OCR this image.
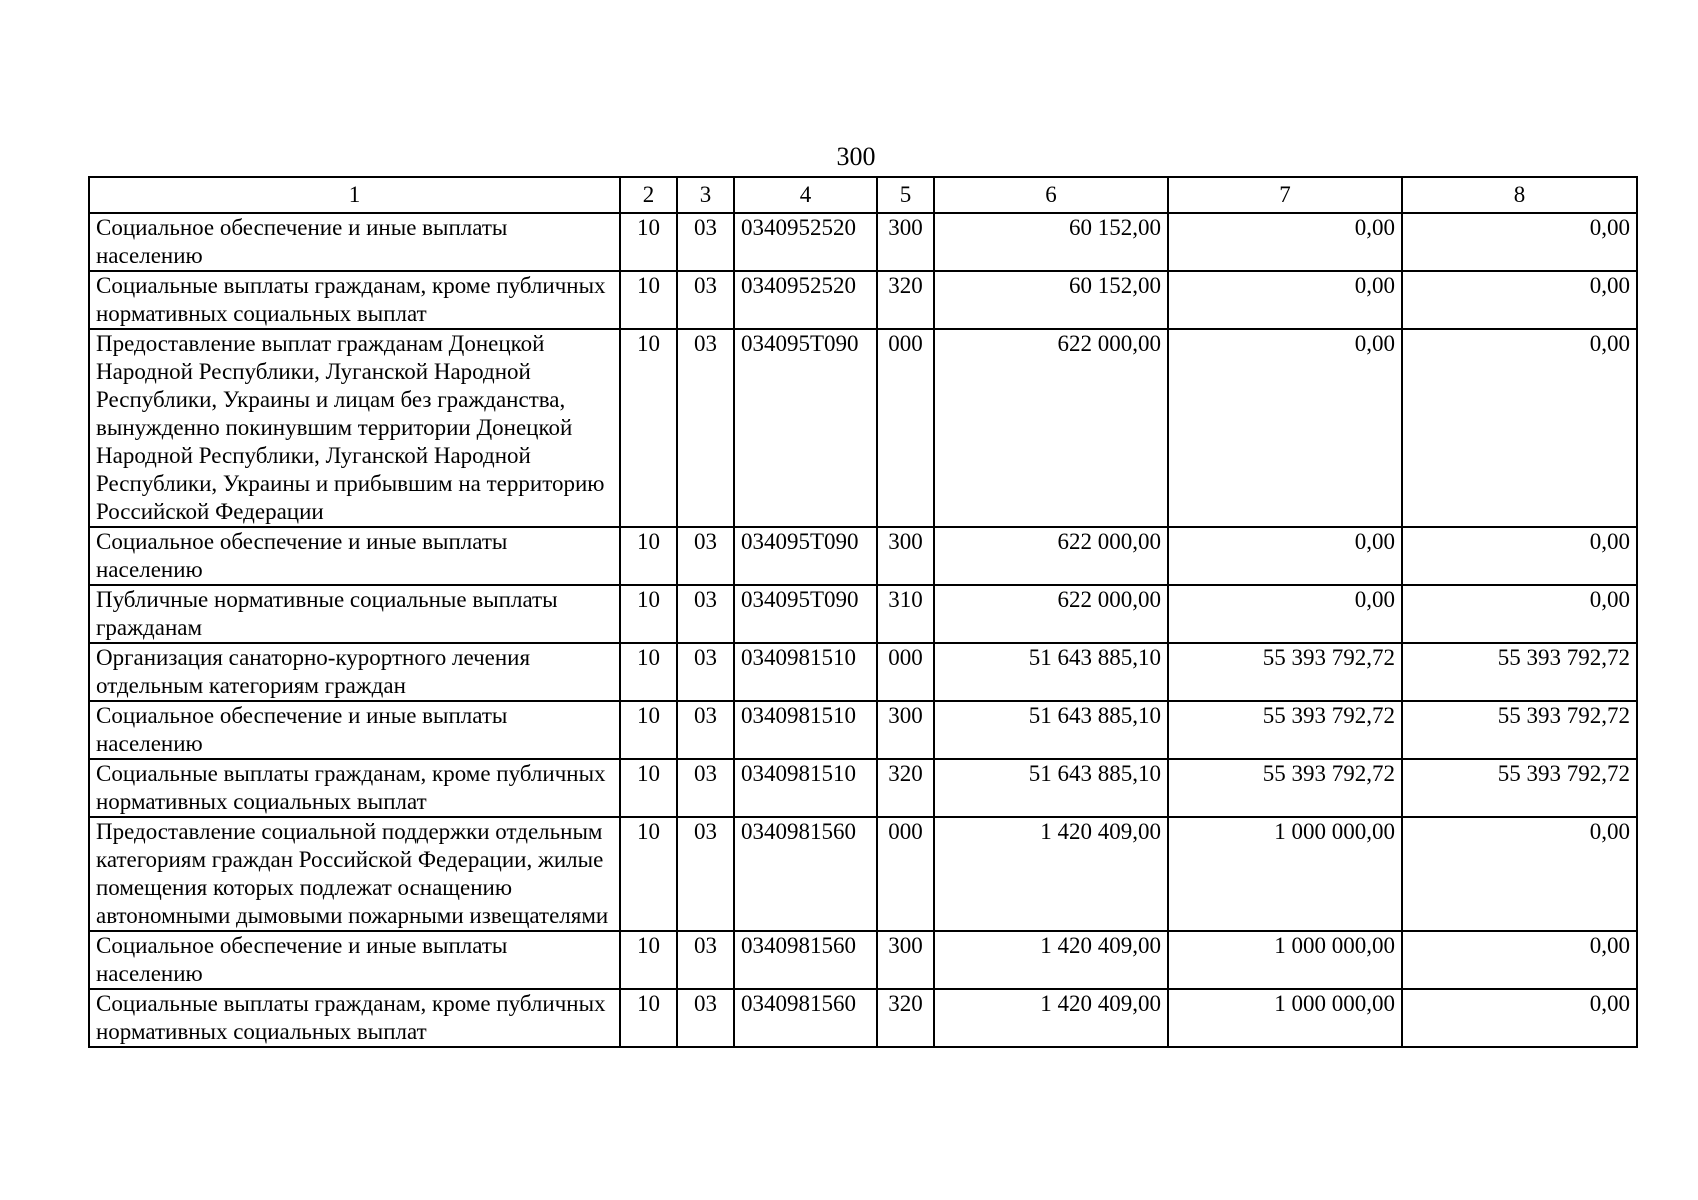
300
1	2	3	4	5	6	7	8
Социальное обеспечение и иные выплаты населению	10	03	0340952520	300	60 152,00	0,00	0,00
Социальные выплаты гражданам, кроме публичных нормативных социальных выплат	10	03	0340952520	320	60 152,00	0,00	0,00
Предоставление выплат гражданам Донецкой Народной Республики, Луганской Народной Республики, Украины и лицам без гражданства, вынужденно покинувшим территории Донецкой Народной Республики, Луганской Народной Республики, Украины и прибывшим на территорию Российской Федерации	10	03	034095T090	000	622 000,00	0,00	0,00
Социальное обеспечение и иные выплаты населению	10	03	034095T090	300	622 000,00	0,00	0,00
Публичные нормативные социальные выплаты гражданам	10	03	034095T090	310	622 000,00	0,00	0,00
Организация санаторно-курортного лечения отдельным категориям граждан	10	03	0340981510	000	51 643 885,10	55 393 792,72	55 393 792,72
Социальное обеспечение и иные выплаты населению	10	03	0340981510	300	51 643 885,10	55 393 792,72	55 393 792,72
Социальные выплаты гражданам, кроме публичных нормативных социальных выплат	10	03	0340981510	320	51 643 885,10	55 393 792,72	55 393 792,72
Предоставление социальной поддержки отдельным категориям граждан Российской Федерации, жилые помещения которых подлежат оснащению автономными дымовыми пожарными извещателями	10	03	0340981560	000	1 420 409,00	1 000 000,00	0,00
Социальное обеспечение и иные выплаты населению	10	03	0340981560	300	1 420 409,00	1 000 000,00	0,00
Социальные выплаты гражданам, кроме публичных нормативных социальных выплат	10	03	0340981560	320	1 420 409,00	1 000 000,00	0,00
